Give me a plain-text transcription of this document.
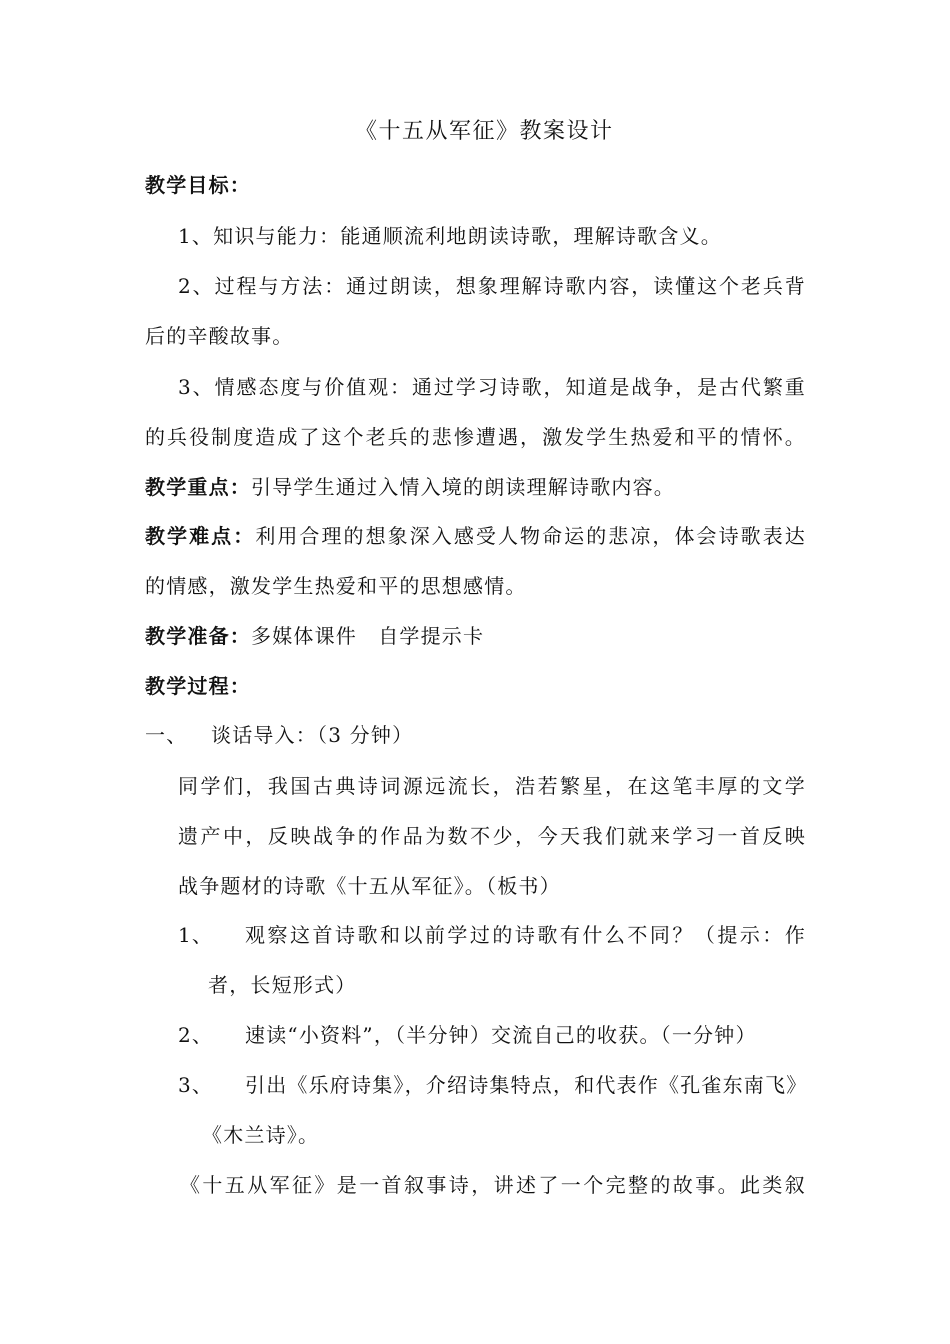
《十五从军征》教案设计
教学目标：
1、知识与能力：能通顺流利地朗读诗歌，理解诗歌含义。
2、过程与方法：通过朗读，想象理解诗歌内容，读懂这个老兵背
后的辛酸故事。
3、情感态度与价值观：通过学习诗歌，知道是战争，是古代繁重
的兵役制度造成了这个老兵的悲惨遭遇，激发学生热爱和平的情怀。
教学重点：引导学生通过入情入境的朗读理解诗歌内容。
教学难点：利用合理的想象深入感受人物命运的悲凉，体会诗歌表达
的情感，激发学生热爱和平的思想感情。
教学准备：多媒体课件　自学提示卡
教学过程：
一、 谈话导入：（3 分钟）
同学们，我国古典诗词源远流长，浩若繁星，在这笔丰厚的文学
遗产中，反映战争的作品为数不少，今天我们就来学习一首反映
战争题材的诗歌《十五从军征》。（板书）
1、 观察这首诗歌和以前学过的诗歌有什么不同？（提示：作
者，长短形式）
2、 速读“小资料”，（半分钟）交流自己的收获。（一分钟）
3、 引出《乐府诗集》，介绍诗集特点，和代表作《孔雀东南飞》
《木兰诗》。
《十五从军征》是一首叙事诗，讲述了一个完整的故事。此类叙
